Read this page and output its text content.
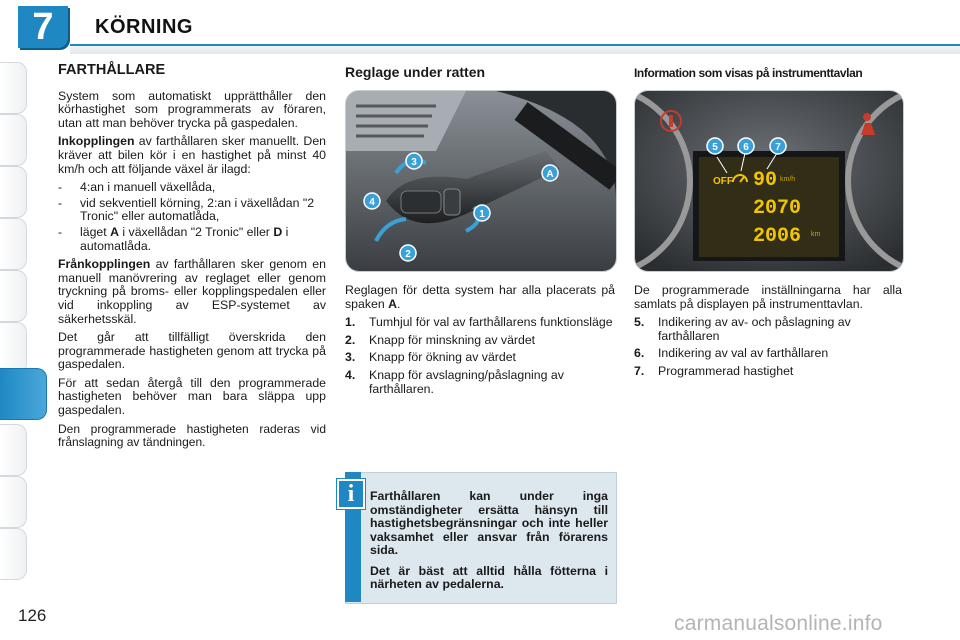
7	KÖRNING
FARTHÅLLARE

System som automatiskt upprätthåller den körhastighet som programmerats av föraren, utan att man behöver trycka på gaspedalen.

Inkopplingen av farthållaren sker manuellt. Den kräver att bilen kör i en hastighet på minst 40 km/h och att följande växel är ilagd:

- 4:an i manuell växellåda,
- vid sekventiell körning, 2:an i växellådan "2 Tronic" eller automatlåda,
- läget A i växellådan "2 Tronic" eller D i automatlåda.

Frånkopplingen av farthållaren sker genom en manuell manövrering av reglaget eller genom tryckning på broms- eller kopplingspedalen eller vid inkoppling av ESP-systemet av säkerhetsskäl.

Det går att tillfälligt överskrida den programmerade hastigheten genom att trycka på gaspedalen.

För att sedan återgå till den programmerade hastigheten behöver man bara släppa upp gaspedalen.

Den programmerade hastigheten raderas vid frånslagning av tändningen.

Reglage under ratten
3
4
1
2
A

Reglagen för detta system har alla placerats på spaken A.

1. Tumhjul för val av farthållarens funktionsläge
2. Knapp för minskning av värdet
3. Knapp för ökning av värdet
4. Knapp för avslagning/påslagning av farthållaren.
Information som visas på instrumenttavlan
OFF 90 km/h
2070
2006 km
5	6	7

De programmerade inställningarna har alla samlats på displayen på instrumenttavlan.

5. Indikering av av- och påslagning av farthållaren
6. Indikering av val av farthållaren
7. Programmerad hastighet
i	Farthållaren kan under inga omständigheter ersätta hänsyn till hastighetsbegränsningar och inte heller vaksamhet eller ansvar från förarens sida.

Det är bäst att alltid hålla fötterna i närheten av pedalerna.

126	carmanualsonline.info
